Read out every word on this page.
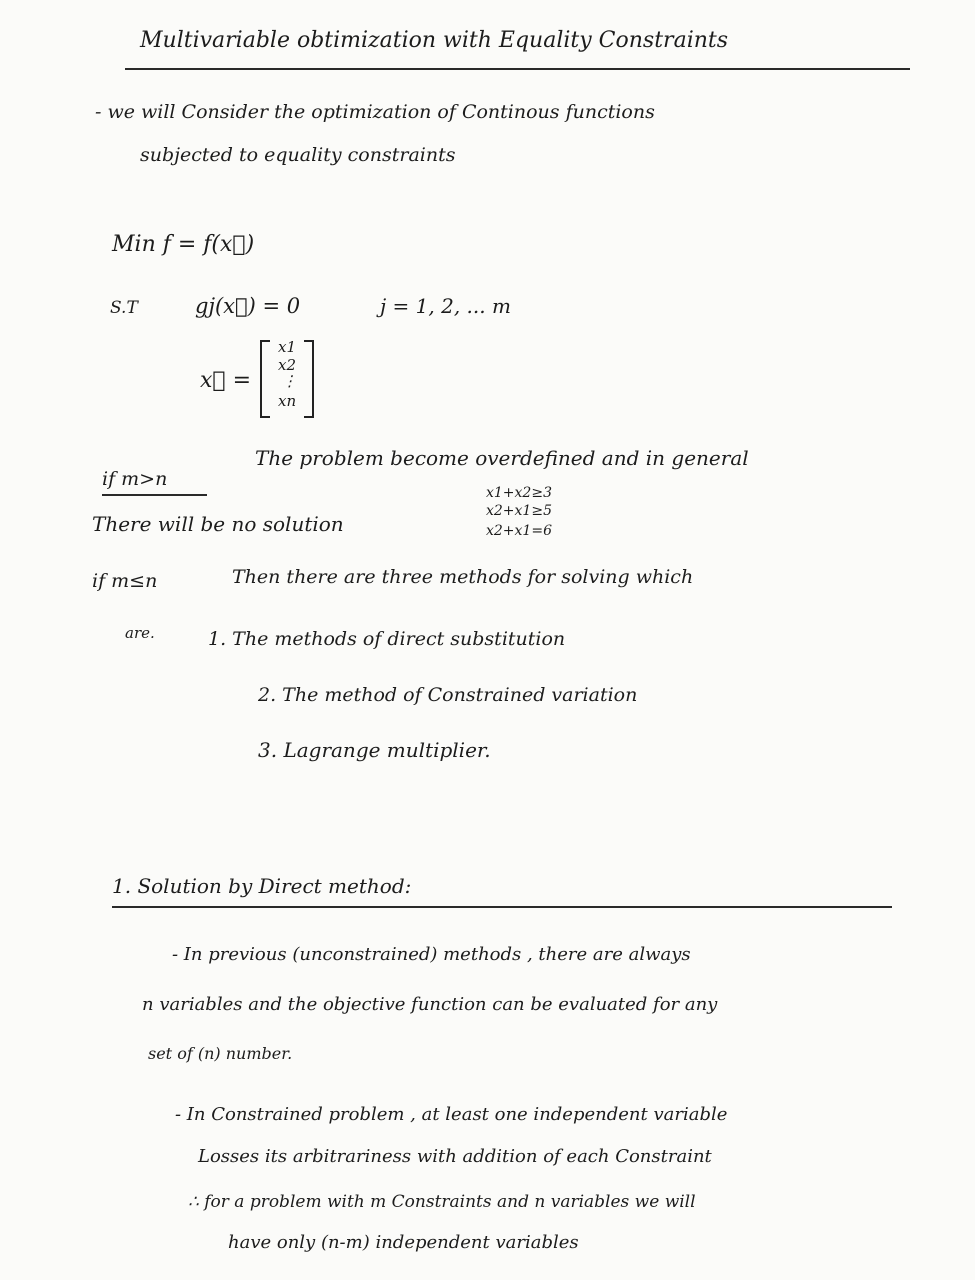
Multivariable obtimization with Equality Constraints
- we will Consider the optimization of Continous functions
subjected to equality constraints
Min f = f(x⃗)
S.T	gj(x⃗) = 0	j = 1, 2, ... m
x⃗ =
x1
x2
⋮
xn
if m>n
The problem become overdefined and in general
There will be no solution
x1+x2≥3
x2+x1≥5
x2+x1=6
if m≤n	Then there are three methods for solving which
are.	1. The methods of direct substitution
2. The method of Constrained variation
3. Lagrange multiplier.
1. Solution by Direct method:
- In previous (unconstrained) methods , there are always
n variables and the objective function can be evaluated for any
set of (n) number.
- In Constrained problem , at least one independent variable
Losses its arbitrariness with addition of each Constraint
∴ for a problem with m Constraints and n variables we will
have only (n-m) independent variables
